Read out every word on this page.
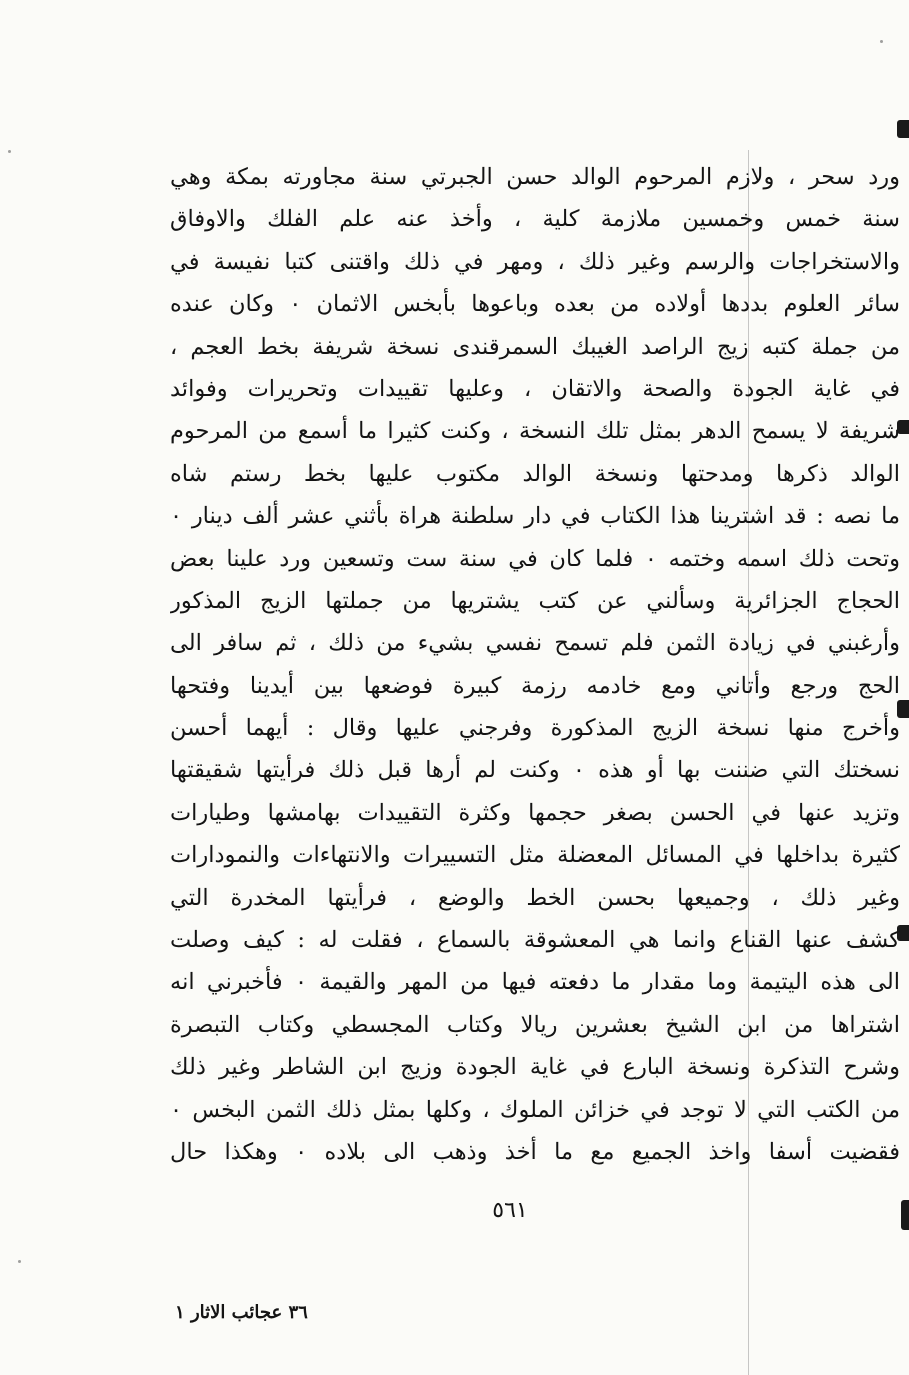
ورد سحر ، ولازم المرحوم الوالد حسن الجبرتي سنة مجاورته بمكة وهي
سنة خمس وخمسين ملازمة كلية ، وأخذ عنه علم الفلك والاوفاق
والاستخراجات والرسم وغير ذلك ، ومهر في ذلك واقتنى كتبا نفيسة في
سائر العلوم بددها أولاده من بعده وباعوها بأبخس الاثمان ٠ وكان عنده
من جملة كتبه زيج الراصد الغيبك السمرقندى نسخة شريفة بخط العجم ،
في غاية الجودة والصحة والاتقان ، وعليها تقييدات وتحريرات وفوائد
شريفة لا يسمح الدهر بمثل تلك النسخة ، وكنت كثيرا ما أسمع من المرحوم
الوالد ذكرها ومدحتها ونسخة الوالد مكتوب عليها بخط رستم شاه
ما نصه : قد اشترينا هذا الكتاب في دار سلطنة هراة بأثني عشر ألف دينار ٠
وتحت ذلك اسمه وختمه ٠ فلما كان في سنة ست وتسعين ورد علينا بعض
الحجاج الجزائرية وسألني عن كتب يشتريها من جملتها الزيج المذكور
وأرغبني في زيادة الثمن فلم تسمح نفسي بشيء من ذلك ، ثم سافر الى
الحج ورجع وأتاني ومع خادمه رزمة كبيرة فوضعها بين أيدينا وفتحها
وأخرج منها نسخة الزيج المذكورة وفرجني عليها وقال : أيهما أحسن
نسختك التي ضننت بها أو هذه ٠ وكنت لم أرها قبل ذلك فرأيتها شقيقتها
وتزيد عنها في الحسن بصغر حجمها وكثرة التقييدات بهامشها وطيارات
كثيرة بداخلها في المسائل المعضلة مثل التسييرات والانتهاءات والنمودارات
وغير ذلك ، وجميعها بحسن الخط والوضع ، فرأيتها المخدرة التي
كشف عنها القناع وانما هي المعشوقة بالسماع ، فقلت له : كيف وصلت
الى هذه اليتيمة وما مقدار ما دفعته فيها من المهر والقيمة ٠ فأخبرني انه
اشتراها من ابن الشيخ بعشرين ريالا وكتاب المجسطي وكتاب التبصرة
وشرح التذكرة ونسخة البارع في غاية الجودة وزيج ابن الشاطر وغير ذلك
من الكتب التي لا توجد في خزائن الملوك ، وكلها بمثل ذلك الثمن البخس ٠
فقضيت أسفا واخذ الجميع مع ما أخذ وذهب الى بلاده ٠ وهكذا حال
٥٦١
٣٦ عجائب الاثار ١
